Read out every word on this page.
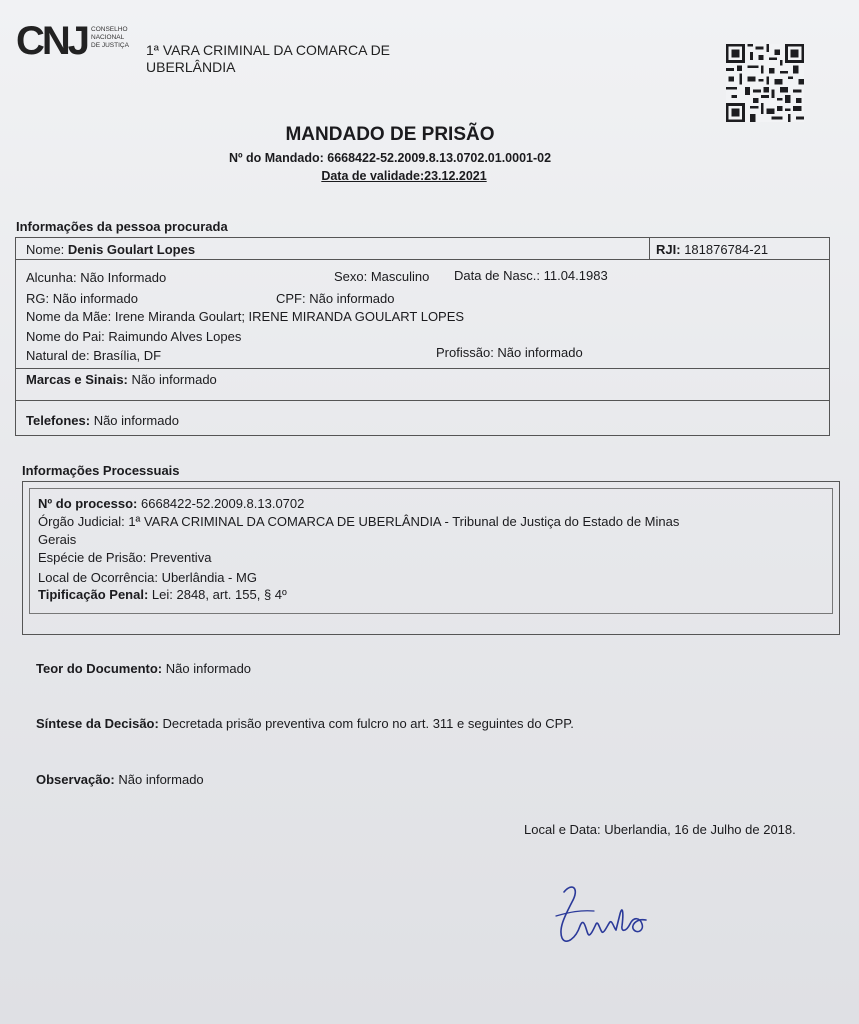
CNJ CONSELHO
NACIONAL
DE JUSTIÇA 1ª VARA CRIMINAL DA COMARCA DE
UBERLÂNDIA
MANDADO DE PRISÃO
Nº do Mandado: 6668422-52.2009.8.13.0702.01.0001-02
Data de validade:23.12.2021
Informações da pessoa procurada
Nome: Denis Goulart Lopes	RJI: 181876784-21
Alcunha: Não Informado	Sexo: Masculino Data de Nasc.: 11.04.1983
RG: Não informado	CPF: Não informado
Nome da Mãe: Irene Miranda Goulart; IRENE MIRANDA GOULART LOPES
Nome do Pai: Raimundo Alves Lopes
Natural de: Brasília, DF	Profissão: Não informado
Marcas e Sinais: Não informado
Telefones: Não informado
Informações Processuais
Nº do processo: 6668422-52.2009.8.13.0702
Órgão Judicial: 1ª VARA CRIMINAL DA COMARCA DE UBERLÂNDIA - Tribunal de Justiça do Estado de Minas
Gerais
Espécie de Prisão: Preventiva
Local de Ocorrência: Uberlândia - MG
Tipificação Penal: Lei: 2848, art. 155, § 4º
Teor do Documento: Não informado
Síntese da Decisão: Decretada prisão preventiva com fulcro no art. 311 e seguintes do CPP.
Observação: Não informado
Local e Data: Uberlandia, 16 de Julho de 2018.
